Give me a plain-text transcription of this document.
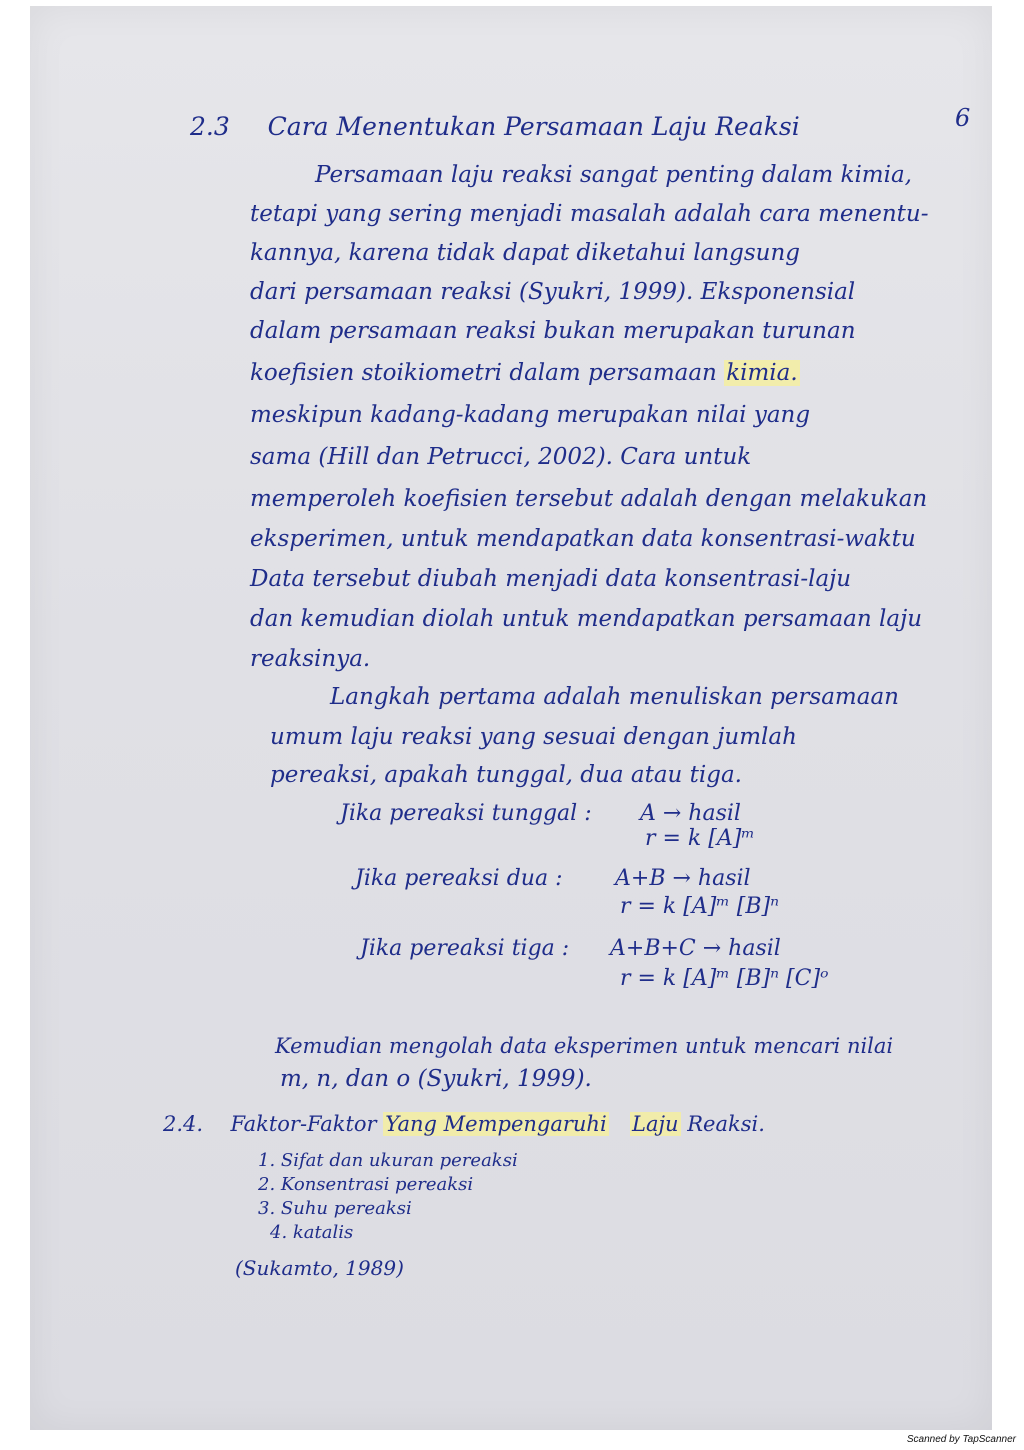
6
2.3 Cara Menentukan Persamaan Laju Reaksi
Persamaan laju reaksi sangat penting dalam kimia,
tetapi yang sering menjadi masalah adalah cara menentu-
kannya, karena tidak dapat diketahui langsung
dari persamaan reaksi (Syukri, 1999). Eksponensial
dalam persamaan reaksi bukan merupakan turunan
koefisien stoikiometri dalam persamaan kimia.
meskipun kadang-kadang merupakan nilai yang
sama (Hill dan Petrucci, 2002). Cara untuk
memperoleh koefisien tersebut adalah dengan melakukan
eksperimen, untuk mendapatkan data konsentrasi-waktu
Data tersebut diubah menjadi data konsentrasi-laju
dan kemudian diolah untuk mendapatkan persamaan laju
reaksinya.
Langkah pertama adalah menuliskan persamaan
umum laju reaksi yang sesuai dengan jumlah
pereaksi, apakah tunggal, dua atau tiga.
Jika pereaksi tunggal : A → hasil
r = k [A]ᵐ
Jika pereaksi dua : A+B → hasil
r = k [A]ᵐ [B]ⁿ
Jika pereaksi tiga : A+B+C → hasil
r = k [A]ᵐ [B]ⁿ [C]ᵒ
Kemudian mengolah data eksperimen untuk mencari nilai
m, n, dan o (Syukri, 1999).
2.4. Faktor-Faktor Yang Mempengaruhi Laju Reaksi.
1. Sifat dan ukuran pereaksi
2. Konsentrasi pereaksi
3. Suhu pereaksi
4. katalis
(Sukamto, 1989)
Scanned by TapScanner
